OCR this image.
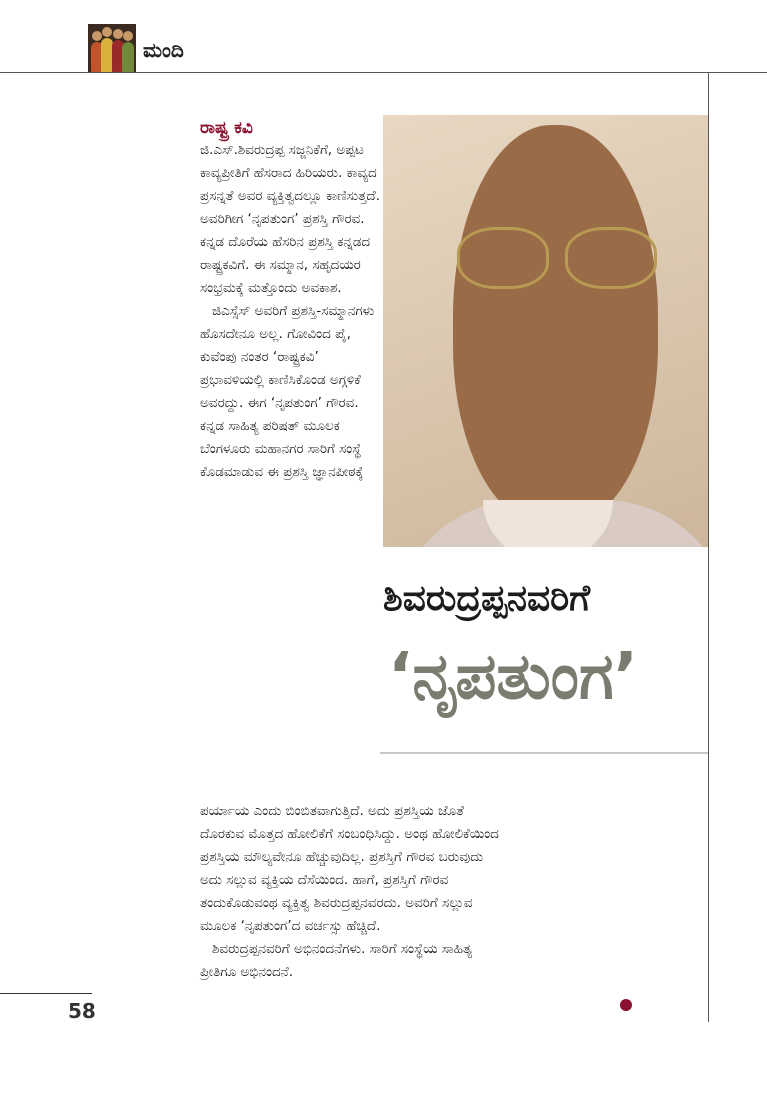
ಮಂದಿ
ರಾಷ್ಟ್ರ ಕವಿ

ಜಿ.ಎಸ್.ಶಿವರುದ್ರಪ್ಪ ಸಜ್ಜನಿಕೆಗೆ, ಅಪ್ಪಟ ಕಾವ್ಯಪ್ರೀತಿಗೆ ಹೆಸರಾದ ಹಿರಿಯರು. ಕಾವ್ಯದ ಪ್ರಸನ್ನತೆ ಅವರ ವ್ಯಕ್ತಿತ್ವದಲ್ಲೂ ಕಾಣಿಸುತ್ತದೆ. ಅವರಿಗೀಗ ‘ನೃಪತುಂಗ’ ಪ್ರಶಸ್ತಿ ಗೌರವ. ಕನ್ನಡ ದೊರೆಯ ಹೆಸರಿನ ಪ್ರಶಸ್ತಿ ಕನ್ನಡದ ರಾಷ್ಟ್ರಕವಿಗೆ. ಈ ಸಮ್ಮಾನ, ಸಹೃದಯರ ಸಂಭ್ರಮಕ್ಕೆ ಮತ್ತೊಂದು ಅವಕಾಶ.

ಜಿಎಸ್ಸೆಸ್ ಅವರಿಗೆ ಪ್ರಶಸ್ತಿ-ಸಮ್ಮಾನಗಳು ಹೊಸದೇನೂ ಅಲ್ಲ. ಗೋವಿಂದ ಪೈ, ಕುವೆಂಪು ನಂತರ ‘ರಾಷ್ಟ್ರಕವಿ’ ಪ್ರಭಾವಳಿಯಲ್ಲಿ ಕಾಣಿಸಿಕೊಂಡ ಅಗ್ಗಳಿಕೆ ಅವರದ್ದು. ಈಗ ‘ನೃಪತುಂಗ’ ಗೌರವ. ಕನ್ನಡ ಸಾಹಿತ್ಯ ಪರಿಷತ್ ಮೂಲಕ ಬೆಂಗಳೂರು ಮಹಾನಗರ ಸಾರಿಗೆ ಸಂಸ್ಥೆ ಕೊಡಮಾಡುವ ಈ ಪ್ರಶಸ್ತಿ ಜ್ಞಾನಪೀಠಕ್ಕೆ

ಶಿವರುದ್ರಪ್ಪನವರಿಗೆ
‘ನೃಪತುಂಗ’

ಪರ್ಯಾಯ ಎಂದು ಬಿಂಬಿತವಾಗುತ್ತಿದೆ. ಅದು ಪ್ರಶಸ್ತಿಯ ಜೊತೆ

ದೊರಕುವ ಮೊತ್ತದ ಹೋಲಿಕೆಗೆ ಸಂಬಂಧಿಸಿದ್ದು. ಅಂಥ ಹೋಲಿಕೆಯಿಂದ

ಪ್ರಶಸ್ತಿಯ ಮೌಲ್ಯವೇನೂ ಹೆಚ್ಚುವುದಿಲ್ಲ. ಪ್ರಶಸ್ತಿಗೆ ಗೌರವ ಬರುವುದು

ಅದು ಸಲ್ಲುವ ವ್ಯಕ್ತಿಯ ದೆಸೆಯಿಂದ. ಹಾಗೆ, ಪ್ರಶಸ್ತಿಗೆ ಗೌರವ

ತಂದುಕೊಡುವಂಥ ವ್ಯಕ್ತಿತ್ವ ಶಿವರುದ್ರಪ್ಪನವರದು. ಅವರಿಗೆ ಸಲ್ಲುವ

ಮೂಲಕ ‘ನೃಪತುಂಗ’ದ ವರ್ಚಸ್ಸು ಹೆಚ್ಚಿದೆ.

ಶಿವರುದ್ರಪ್ಪನವರಿಗೆ ಅಭಿನಂದನೆಗಳು. ಸಾರಿಗೆ ಸಂಸ್ಥೆಯ ಸಾಹಿತ್ಯ

ಪ್ರೀತಿಗೂ ಅಭಿನಂದನೆ.

58
